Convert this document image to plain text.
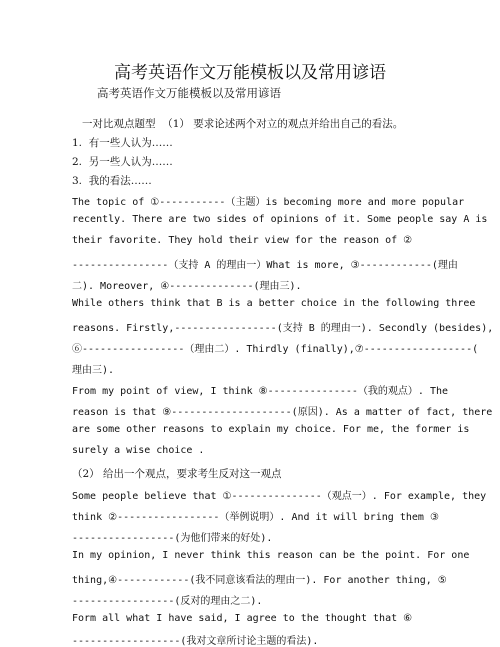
高考英语作文万能模板以及常用谚语
高考英语作文万能模板以及常用谚语
一对比观点题型  （1） 要求论述两个对立的观点并给出自己的看法。
1.  有一些人认为……
2.  另一些人认为……
3.  我的看法……
The topic of ①-----------（主题）is becoming more and more popular
recently. There are two sides of opinions of it. Some people say A is
their favorite. They hold their view for the reason of ②
----------------（支持 A 的理由一）What is more, ③------------(理由
二). Moreover, ④--------------(理由三).
While others think that B is a better choice in the following three
reasons. Firstly,-----------------(支持 B 的理由一). Secondly (besides),
⑥-----------------（理由二）. Thirdly (finally),⑦------------------(
理由三).
From my point of view, I think ⑧---------------（我的观点）. The
reason is that ⑨--------------------(原因). As a matter of fact, there
are some other reasons to explain my choice. For me, the former is
surely a wise choice .
（2） 给出一个观点，要求考生反对这一观点
Some people believe that ①---------------（观点一）. For example, they
think ②-----------------（举例说明）. And it will bring them ③
-----------------(为他们带来的好处).
In my opinion, I never think this reason can be the point. For one
thing,④------------(我不同意该看法的理由一). For another thing, ⑤
-----------------(反对的理由之二).
Form all what I have said, I agree to the thought that ⑥
------------------(我对文章所讨论主题的看法).
